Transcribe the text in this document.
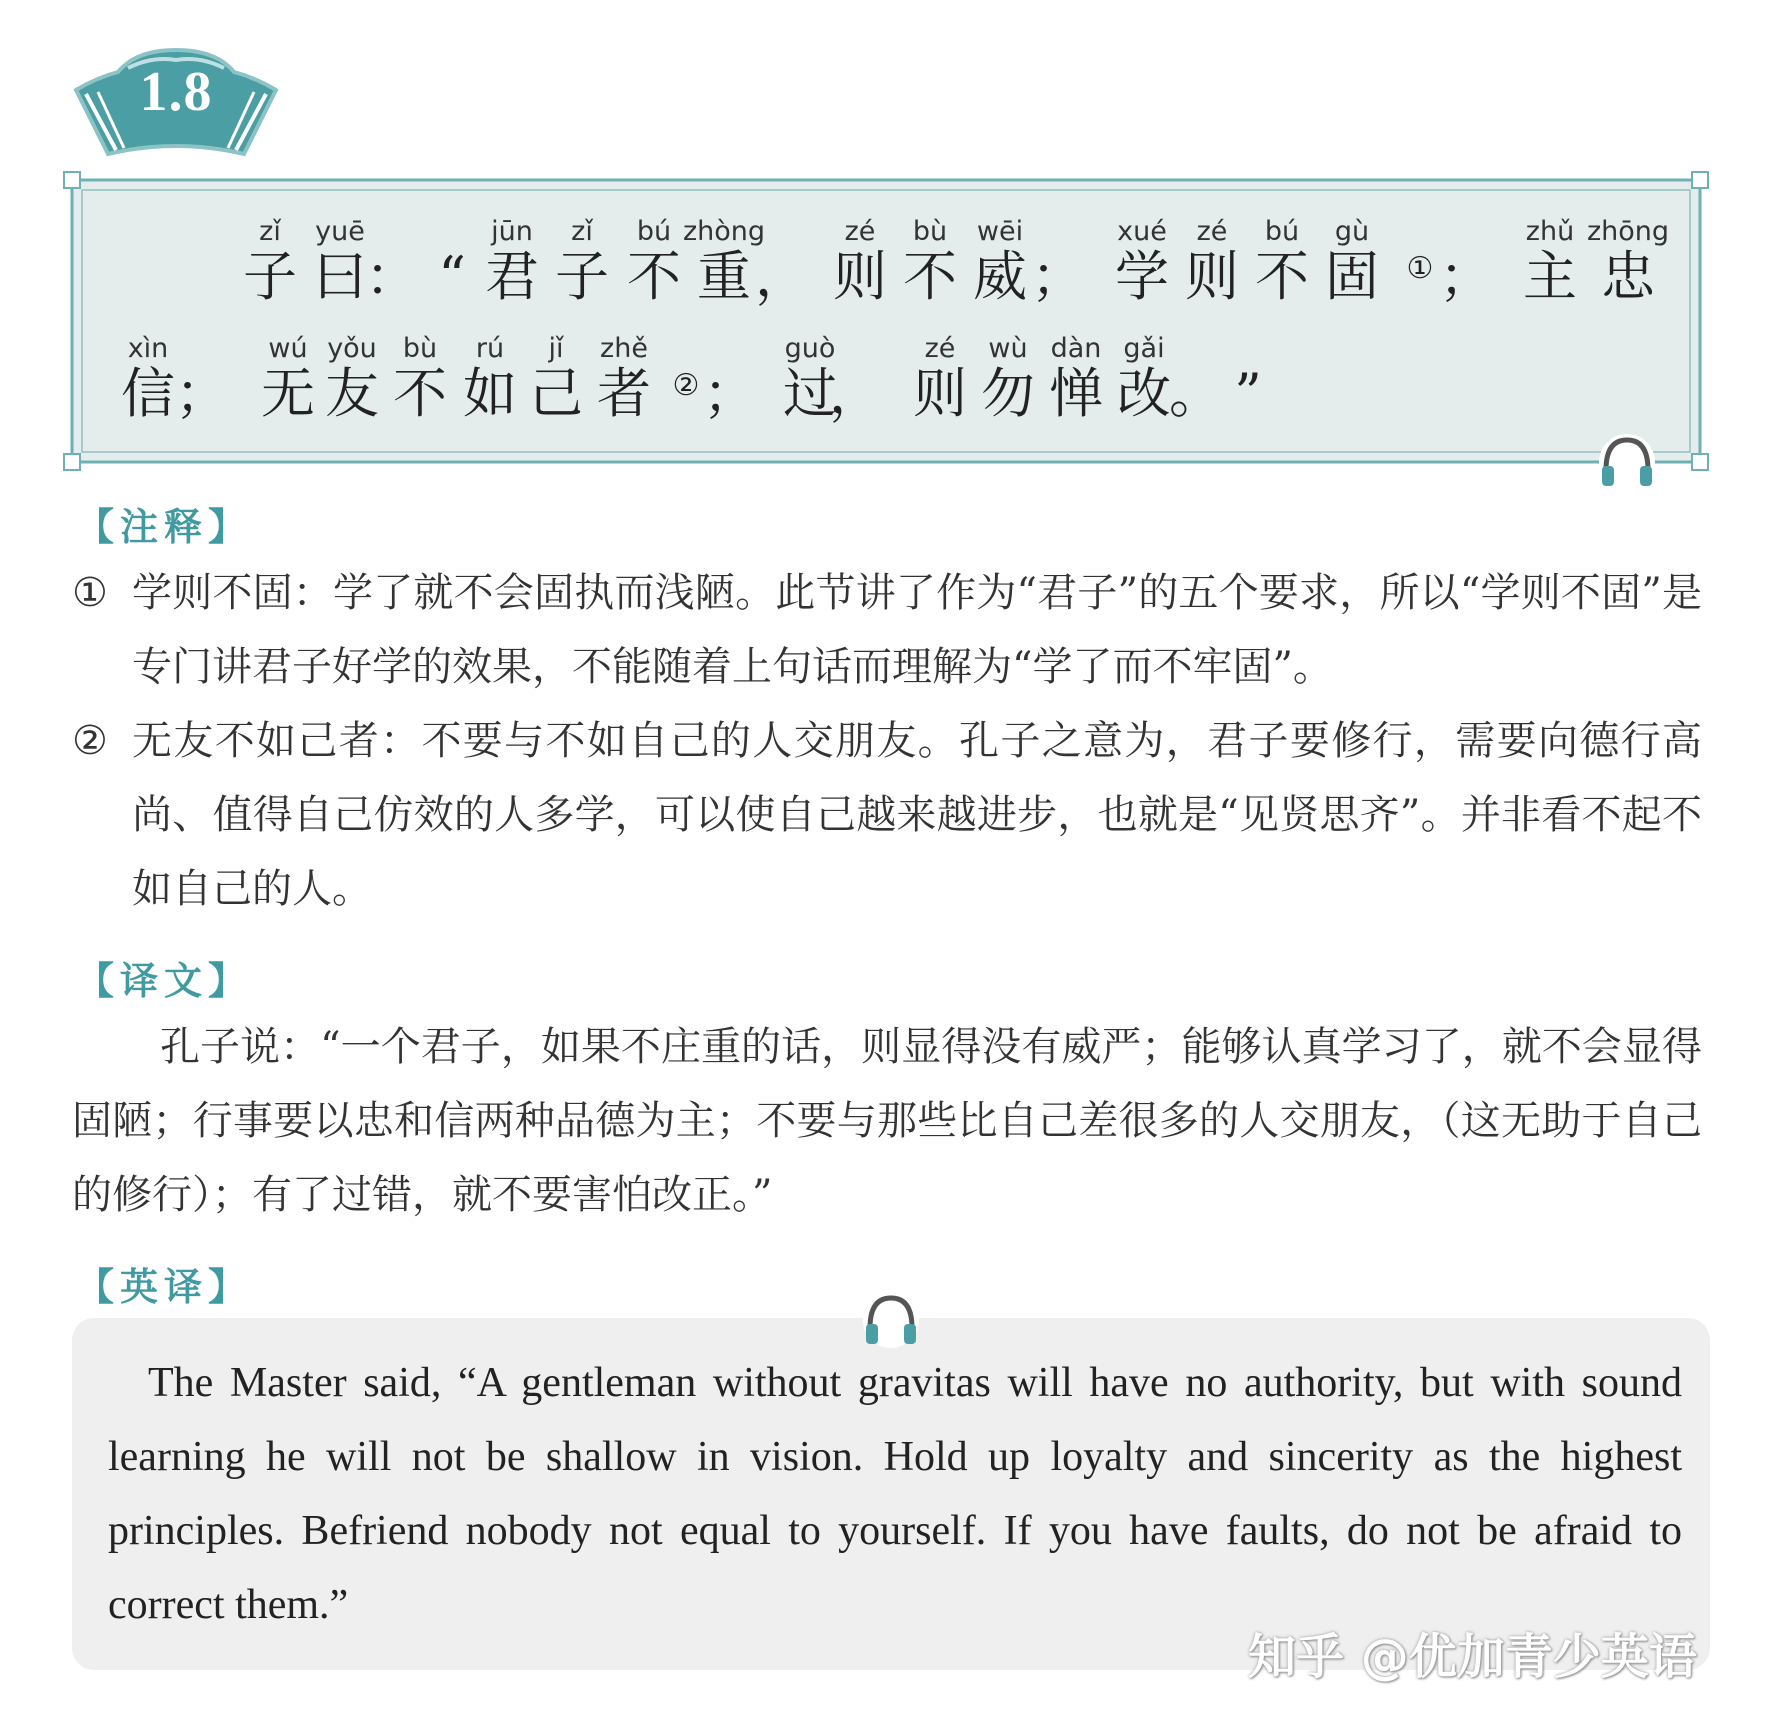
1.8
zǐ
子
yuē
曰
： “
jūn
君
zǐ
子
bú
不
zhòng
重 ，
zé
则
bù
不
wēi
威 ；
xué
学
zé
则
bú
不
gù
固 ① ；
zhǔ
主
zhōng
忠
xìn
信 ；
wú
无
yǒu
友
bù
不
rú
如
jǐ
己
zhě
者 ② ；
guò
过
，
zé
则
wù
勿
dàn
惮
gǎi
改
。 ”
【注释】
① 学则不固：学了就不会固执而浅陋。此节讲了作为“君子”的五个要求，所以“学则不固”是专门讲君子好学的效果，不能随着上句话而理解为“学了而不牢固”。
② 无友不如己者：不要与不如自己的人交朋友。孔子之意为，君子要修行，需要向德行高尚、值得自己仿效的人多学，可以使自己越来越进步，也就是“见贤思齐”。并非看不起不如自己的人。
【译文】
孔子说：“一个君子，如果不庄重的话，则显得没有威严；能够认真学习了，就不会显得固陋；行事要以忠和信两种品德为主；不要与那些比自己差很多的人交朋友，（这无助于自己的修行）；有了过错，就不要害怕改正。”
【英译】
The Master said, “A gentleman without gravitas will have no authority, but with sound learning he will not be shallow in vision. Hold up loyalty and sincerity as the highest principles. Befriend nobody not equal to yourself. If you have faults, do not be afraid to correct them.”
知乎 @优加青少英语
